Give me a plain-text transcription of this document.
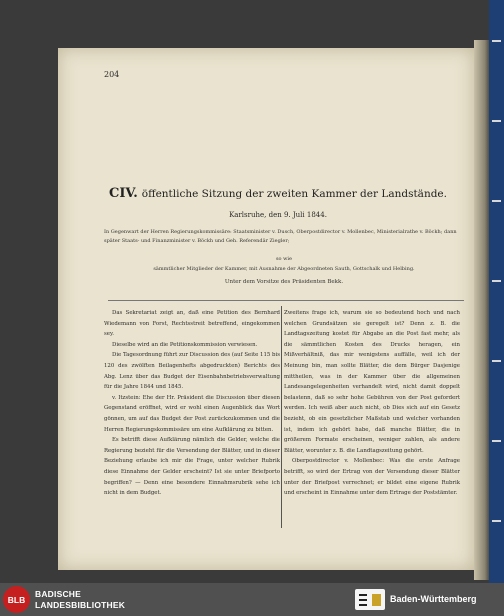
204
CIV. öffentliche Sitzung der zweiten Kammer der Landstände.
Karlsruhe, den 9. Juli 1844.
In Gegenwart der Herren Regierungskommissäre: Staatsminister v. Dusch, Oberpostdirector v. Mollenbec, Ministerialrathe v. Böckh; dann später Staats- und Finanzminister v. Böckh und Geh. Referendär Ziegler;
so wie
sämmtlicher Mitglieder der Kammer, mit Ausnahme der Abgeordneten Sauth, Gottschalk und Helbing.
Unter dem Vorsitze des Präsidenten Bekk.

Das Sekretariat zeigt an, daß eine Petition des Bernhard Wiedemann von Forst, Rechtsstreit betreffend, eingekommen sey.

Dieselbe wird an die Petitionskommission verwiesen.

Die Tagesordnung führt zur Discussion des (auf Seite 115 bis 120 des zwölften Beilagenhefts abgedruckten) Berichts des Abg. Lenz über das Budget der Eisenbahnbetriebsverwaltung für die Jahre 1844 und 1845.

v. Itzstein: Ehe der Hr. Präsident die Discussion über diesen Gegenstand eröffnet, wird er wohl einen Augenblick das Wort gönnen, um auf das Budget der Post zurückzukommen und die Herren Regierungskommissäre um eine Aufklärung zu bitten.

Es betrifft diese Aufklärung nämlich die Gelder, welche die Regierung bezieht für die Versendung der Blätter, und in dieser Beziehung erlaube ich mir die Frage, unter welcher Rubrik diese Einnahme der Gelder erscheint? Ist sie unter Briefporto begriffen? — Denn eine besondere Einnahmsrubrik sehe ich nicht in dem Budget.

Zweitens frage ich, warum sie so bedeutend hoch und nach welchen Grundsätzen sie geregelt ist? Denn z. B. die Landtagszeitung kostet für Abgabe an die Post fast mehr, als die sämmtlichen Kosten des Drucks heragen, ein Mißverhältniß, das mir wenigstens auffälle, weil ich der Meinung bin, man sollte Blätter, die dem Bürger Dasjenige mittheilen, was in der Kammer über die allgemeinen Landesangelegenheiten verhandelt wird, nicht damit doppelt belastenn, daß so sehr hohe Gebühren von der Post gefordert werden. Ich weiß aber auch nicht, ob Dies sich auf ein Gesetz bezieht, ob ein gesetzlicher Maßstab und welcher vorhanden ist, indem ich gehört habe, daß manche Blätter, die in größerem Formate erscheinen, weniger zahlen, als andere Blätter, worunter z. B. die Landtagszeitung gehört.

Oberpostdirector v. Mollenbec: Was die erste Anfrage betrifft, so wird der Ertrag von der Versendung dieser Blätter unter der Briefpost verrechnet; er bildet eine eigene Rubrik und erscheint in Einnahme unter dem Ertrage der Poststämter.

BLB
BADISCHE
LANDESBIBLIOTHEK
Baden-Württemberg
